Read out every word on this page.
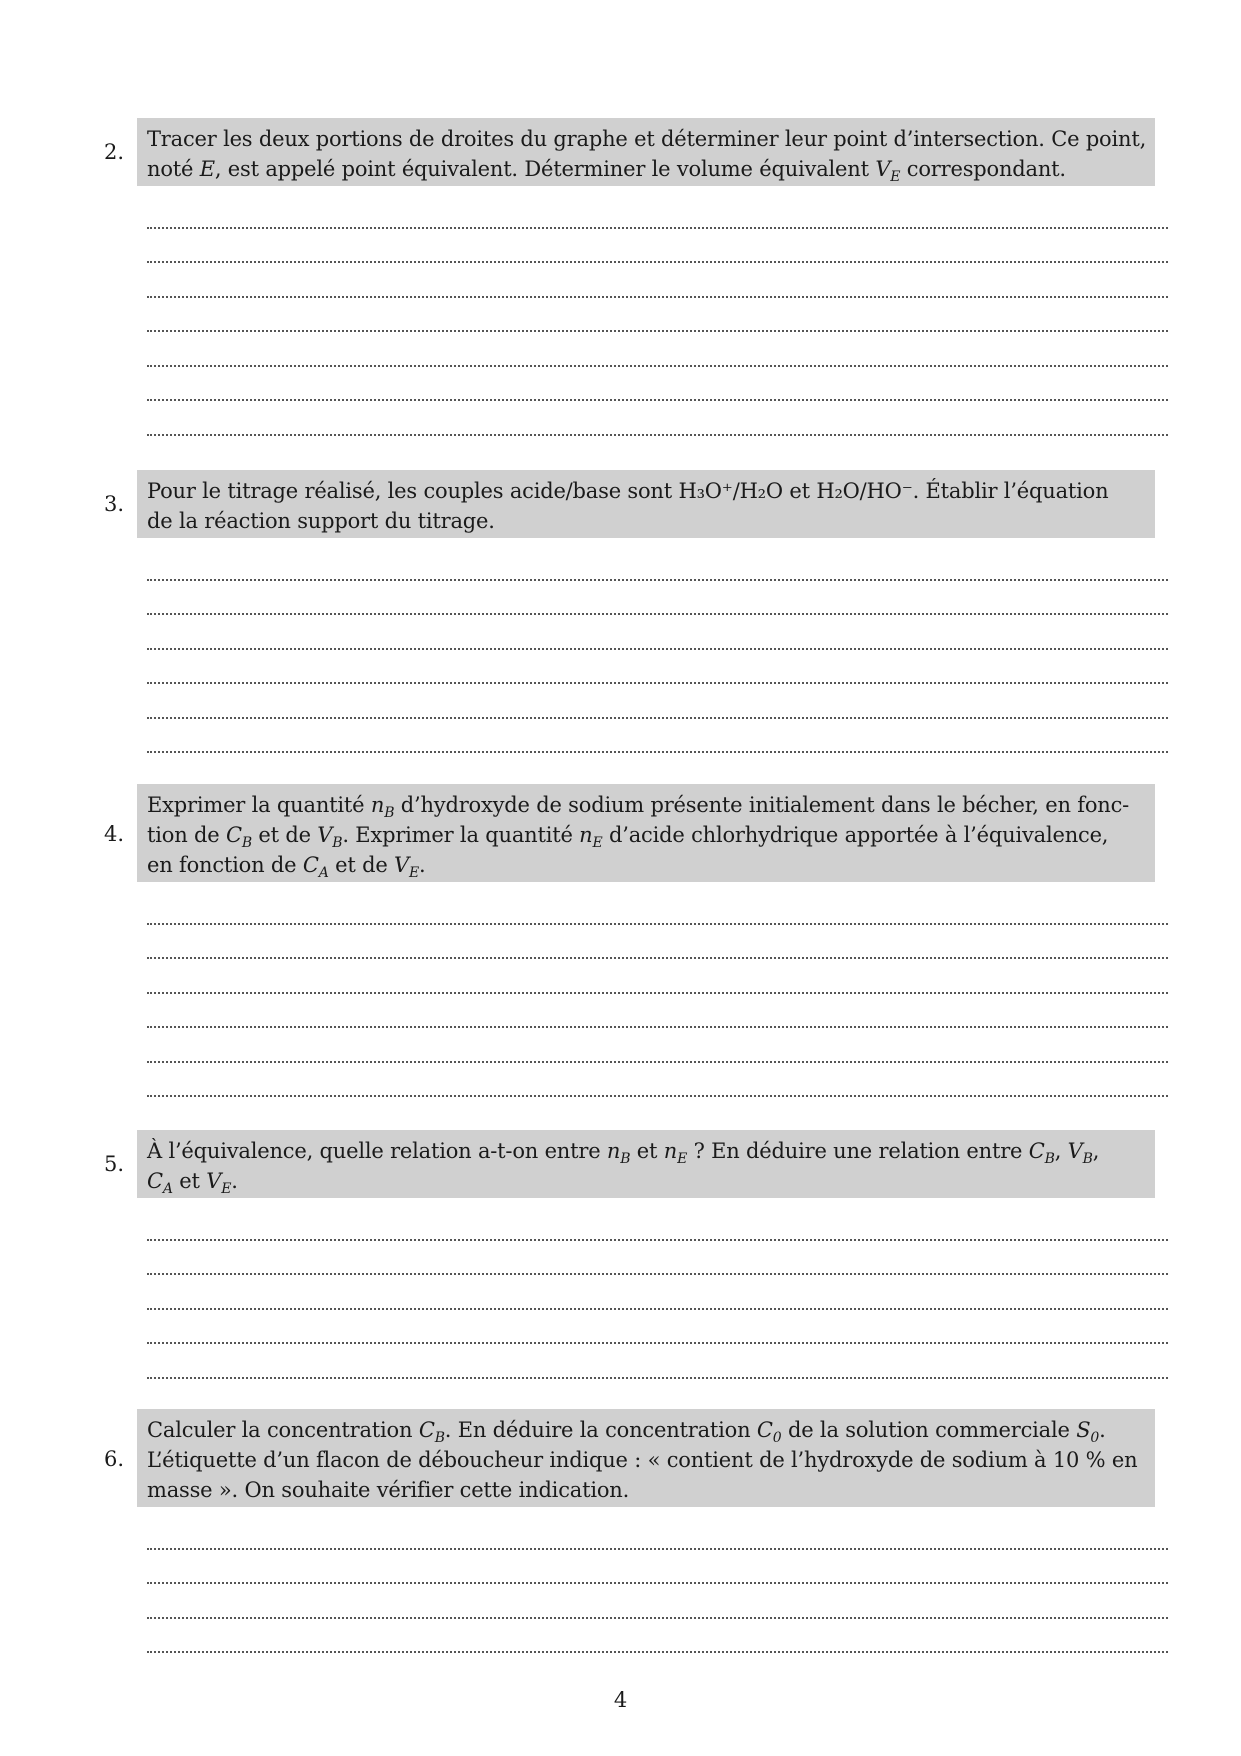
2.
Tracer les deux portions de droites du graphe et déterminer leur point d’intersection. Ce point,
noté E, est appelé point équivalent. Déterminer le volume équivalent $V_E$ correspondant.
3.
Pour le titrage réalisé, les couples acide/base sont H₃O⁺/H₂O et H₂O/HO⁻. Établir l’équation
de la réaction support du titrage.
4.
Exprimer la quantité $n_B$ d’hydroxyde de sodium présente initialement dans le bécher, en fonc-
tion de $C_B$ et de $V_B$. Exprimer la quantité $n_E$ d’acide chlorhydrique apportée à l’équivalence,
en fonction de $C_A$ et de $V_E$.
5.
À l’équivalence, quelle relation a-t-on entre $n_B$ et $n_E$ ? En déduire une relation entre $C_B$, $V_B$,
$C_A$ et $V_E$.
6.
Calculer la concentration $C_B$. En déduire la concentration $C_0$ de la solution commerciale $S_0$.
L’étiquette d’un flacon de déboucheur indique : « contient de l’hydroxyde de sodium à 10 % en
masse ». On souhaite vérifier cette indication.
4
